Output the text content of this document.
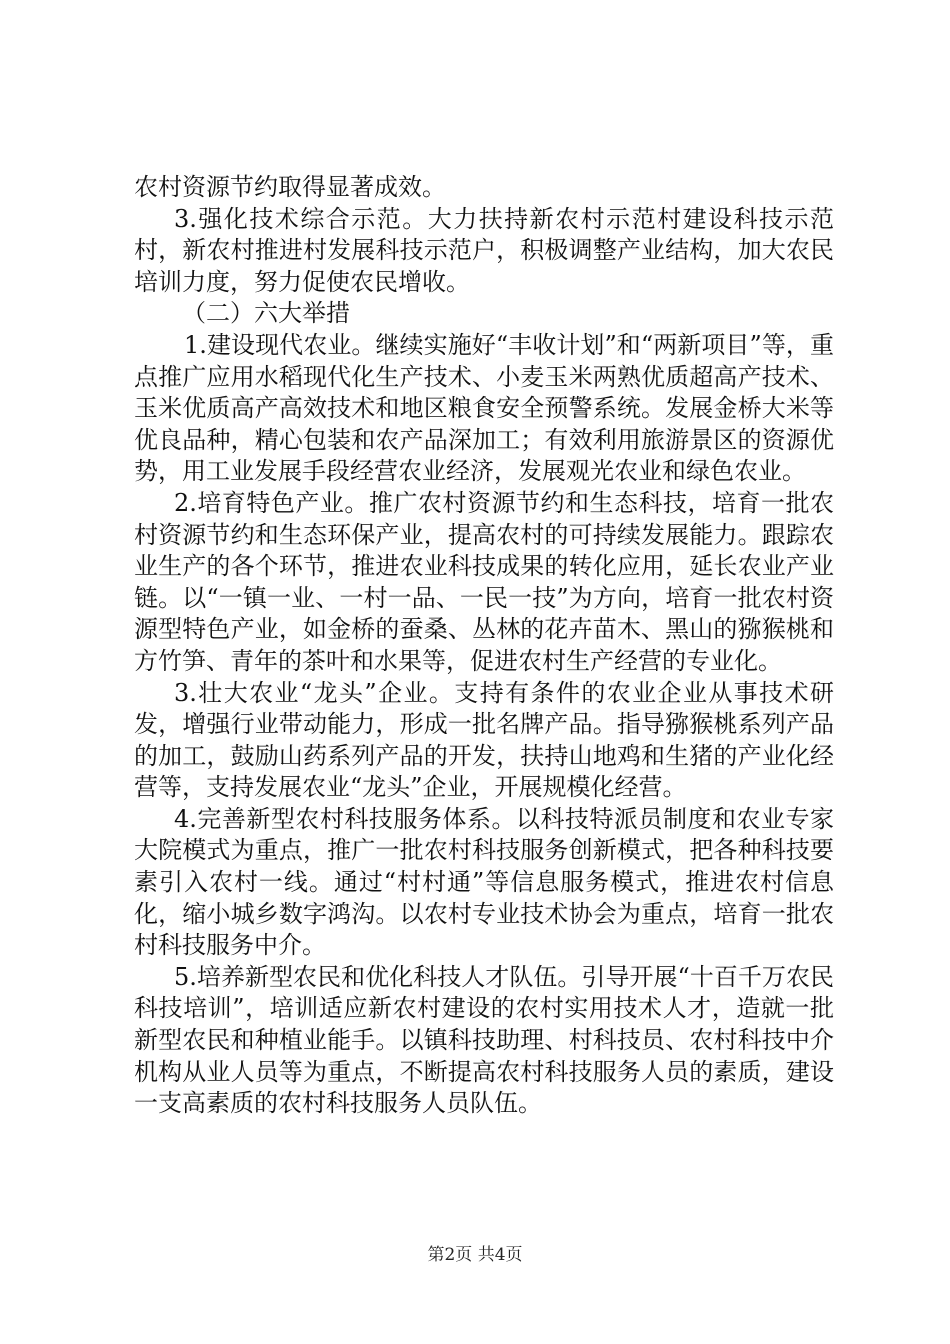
农村资源节约取得显著成效。

3.强化技术综合示范。大力扶持新农村示范村建设科技示范村，新农村推进村发展科技示范户，积极调整产业结构，加大农民培训力度，努力促使农民增收。

（二）六大举措

1.建设现代农业。继续实施好“丰收计划”和“两新项目”等，重点推广应用水稻现代化生产技术、小麦玉米两熟优质超高产技术、玉米优质高产高效技术和地区粮食安全预警系统。发展金桥大米等优良品种，精心包装和农产品深加工；有效利用旅游景区的资源优势，用工业发展手段经营农业经济，发展观光农业和绿色农业。

2.培育特色产业。推广农村资源节约和生态科技，培育一批农村资源节约和生态环保产业，提高农村的可持续发展能力。跟踪农业生产的各个环节，推进农业科技成果的转化应用，延长农业产业链。以“一镇一业、一村一品、一民一技”为方向，培育一批农村资源型特色产业，如金桥的蚕桑、丛林的花卉苗木、黑山的猕猴桃和方竹笋、青年的茶叶和水果等，促进农村生产经营的专业化。

3.壮大农业“龙头”企业。支持有条件的农业企业从事技术研发，增强行业带动能力，形成一批名牌产品。指导猕猴桃系列产品的加工，鼓励山药系列产品的开发，扶持山地鸡和生猪的产业化经营等，支持发展农业“龙头”企业，开展规模化经营。

4.完善新型农村科技服务体系。以科技特派员制度和农业专家大院模式为重点，推广一批农村科技服务创新模式，把各种科技要素引入农村一线。通过“村村通”等信息服务模式，推进农村信息化，缩小城乡数字鸿沟。以农村专业技术协会为重点，培育一批农村科技服务中介。

5.培养新型农民和优化科技人才队伍。引导开展“十百千万农民科技培训”，培训适应新农村建设的农村实用技术人才，造就一批新型农民和种植业能手。以镇科技助理、村科技员、农村科技中介机构从业人员等为重点，不断提高农村科技服务人员的素质，建设一支高素质的农村科技服务人员队伍。

第2页 共4页
